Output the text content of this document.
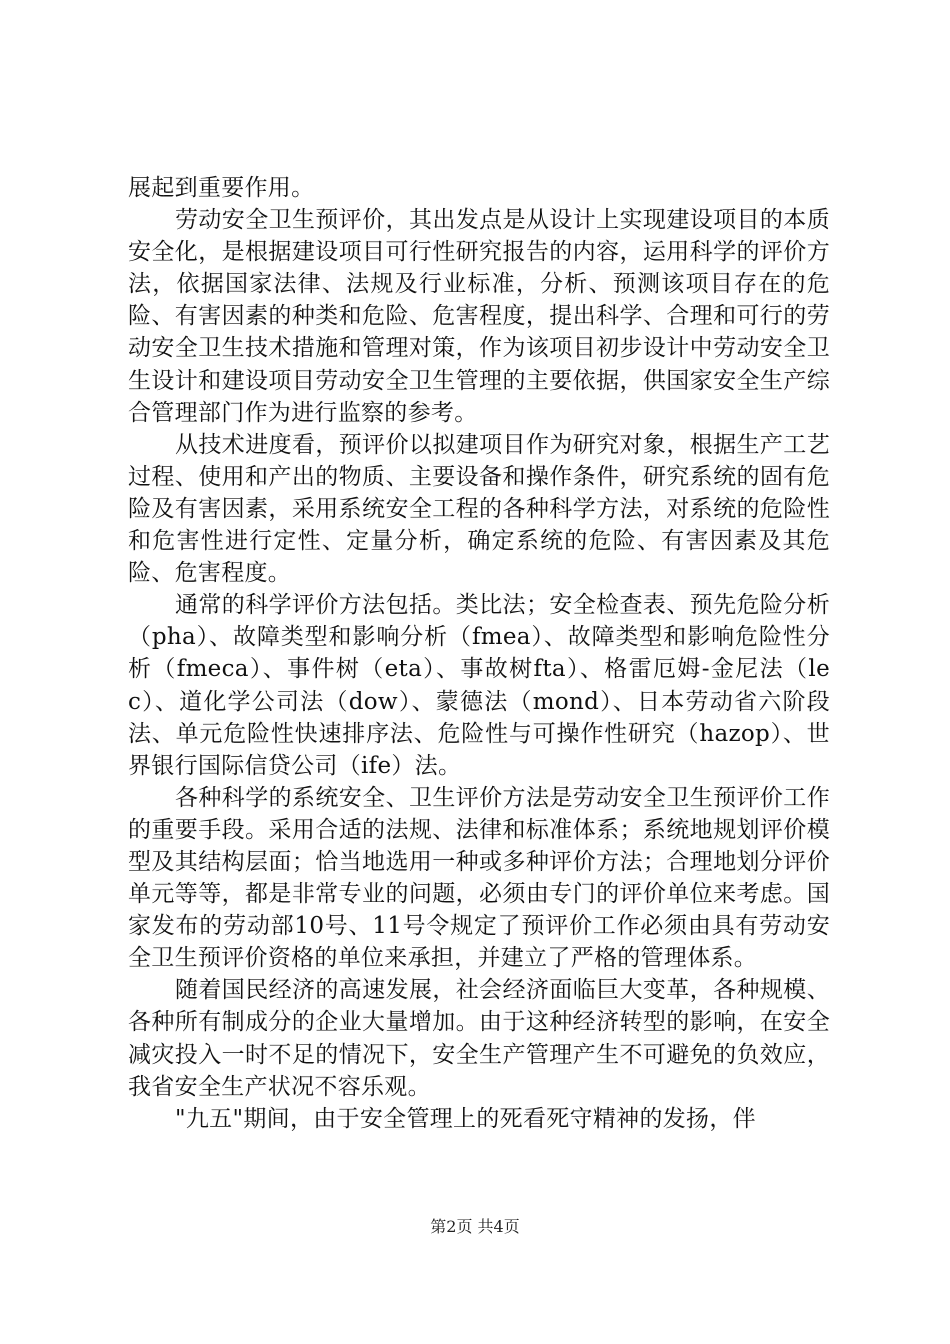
展起到重要作用。

劳动安全卫生预评价，其出发点是从设计上实现建设项目的本质安全化，是根据建设项目可行性研究报告的内容，运用科学的评价方法，依据国家法律、法规及行业标准，分析、预测该项目存在的危险、有害因素的种类和危险、危害程度，提出科学、合理和可行的劳动安全卫生技术措施和管理对策，作为该项目初步设计中劳动安全卫生设计和建设项目劳动安全卫生管理的主要依据，供国家安全生产综合管理部门作为进行监察的参考。

从技术进度看，预评价以拟建项目作为研究对象，根据生产工艺过程、使用和产出的物质、主要设备和操作条件，研究系统的固有危险及有害因素，采用系统安全工程的各种科学方法，对系统的危险性和危害性进行定性、定量分析，确定系统的危险、有害因素及其危险、危害程度。

通常的科学评价方法包括。类比法；安全检查表、预先危险分析（pha）、故障类型和影响分析（fmea）、故障类型和影响危险性分析（fmeca）、事件树（eta）、事故树fta）、格雷厄姆-金尼法（lec）、道化学公司法（dow）、蒙德法（mond）、日本劳动省六阶段法、单元危险性快速排序法、危险性与可操作性研究（hazop）、世界银行国际信贷公司（ife）法。

各种科学的系统安全、卫生评价方法是劳动安全卫生预评价工作的重要手段。采用合适的法规、法律和标准体系；系统地规划评价模型及其结构层面；恰当地选用一种或多种评价方法；合理地划分评价单元等等，都是非常专业的问题，必须由专门的评价单位来考虑。国家发布的劳动部10号、11号令规定了预评价工作必须由具有劳动安全卫生预评价资格的单位来承担，并建立了严格的管理体系。

随着国民经济的高速发展，社会经济面临巨大变革，各种规模、各种所有制成分的企业大量增加。由于这种经济转型的影响，在安全减灾投入一时不足的情况下，安全生产管理产生不可避免的负效应，我省安全生产状况不容乐观。

"九五"期间，由于安全管理上的死看死守精神的发扬，伴

第2页 共4页
